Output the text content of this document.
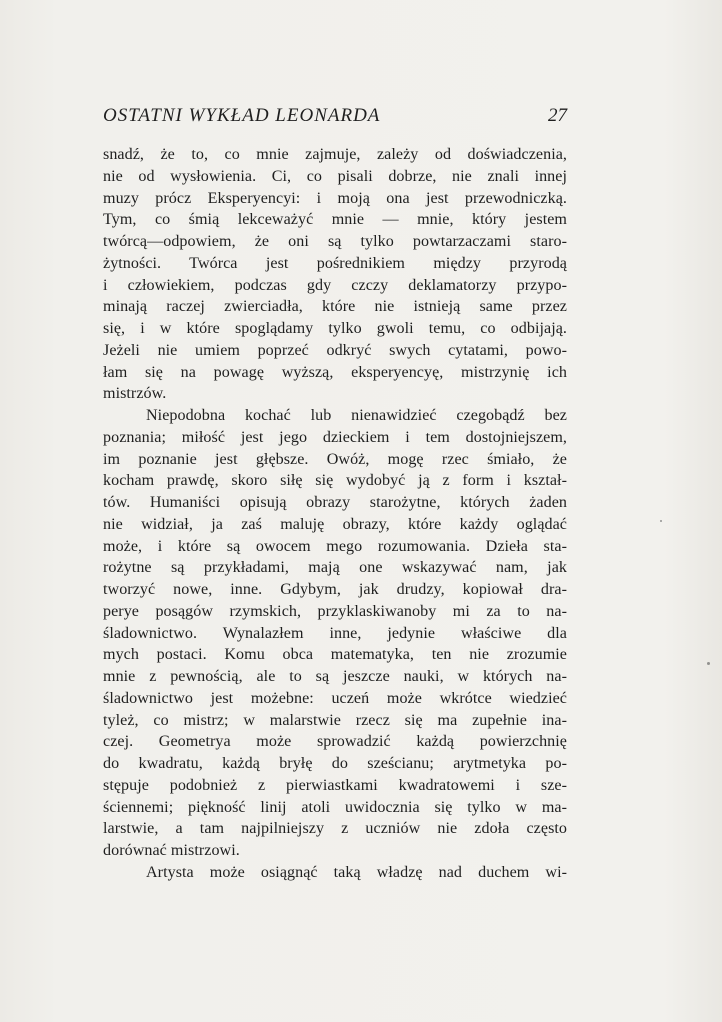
OSTATNI WYKŁAD LEONARDA	27
snadź, że to, co mnie zajmuje, zależy od doświadczenia,
nie od wysłowienia. Ci, co pisali dobrze, nie znali innej
muzy prócz Eksperyencyi: i moją ona jest przewodniczką.
Tym, co śmią lekceważyć mnie — mnie, który jestem
twórcą—odpowiem, że oni są tylko powtarzaczami staro-
żytności. Twórca jest pośrednikiem między przyrodą
i człowiekiem, podczas gdy czczy deklamatorzy przypo-
minają raczej zwierciadła, które nie istnieją same przez
się, i w które spoglądamy tylko gwoli temu, co odbijają.
Jeżeli nie umiem poprzeć odkryć swych cytatami, powo-
łam się na powagę wyższą, eksperyencyę, mistrzynię ich
mistrzów.
Niepodobna kochać lub nienawidzieć czegobądź bez
poznania; miłość jest jego dzieckiem i tem dostojniejszem,
im poznanie jest głębsze. Owóż, mogę rzec śmiało, że
kocham prawdę, skoro siłę się wydobyć ją z form i kształ-
tów. Humaniści opisują obrazy starożytne, których żaden
nie widział, ja zaś maluję obrazy, które każdy oglądać
może, i które są owocem mego rozumowania. Dzieła sta-
rożytne są przykładami, mają one wskazywać nam, jak
tworzyć nowe, inne. Gdybym, jak drudzy, kopiował dra-
perye posągów rzymskich, przyklaskiwanoby mi za to na-
śladownictwo. Wynalazłem inne, jedynie właściwe dla
mych postaci. Komu obca matematyka, ten nie zrozumie
mnie z pewnością, ale to są jeszcze nauki, w których na-
śladownictwo jest możebne: uczeń może wkrótce wiedzieć
tyleż, co mistrz; w malarstwie rzecz się ma zupełnie ina-
czej. Geometrya może sprowadzić każdą powierzchnię
do kwadratu, każdą bryłę do sześcianu; arytmetyka po-
stępuje podobnież z pierwiastkami kwadratowemi i sze-
ściennemi; piękność linij atoli uwidocznia się tylko w ma-
larstwie, a tam najpilniejszy z uczniów nie zdoła często
dorównać mistrzowi.
Artysta może osiągnąć taką władzę nad duchem wi-
